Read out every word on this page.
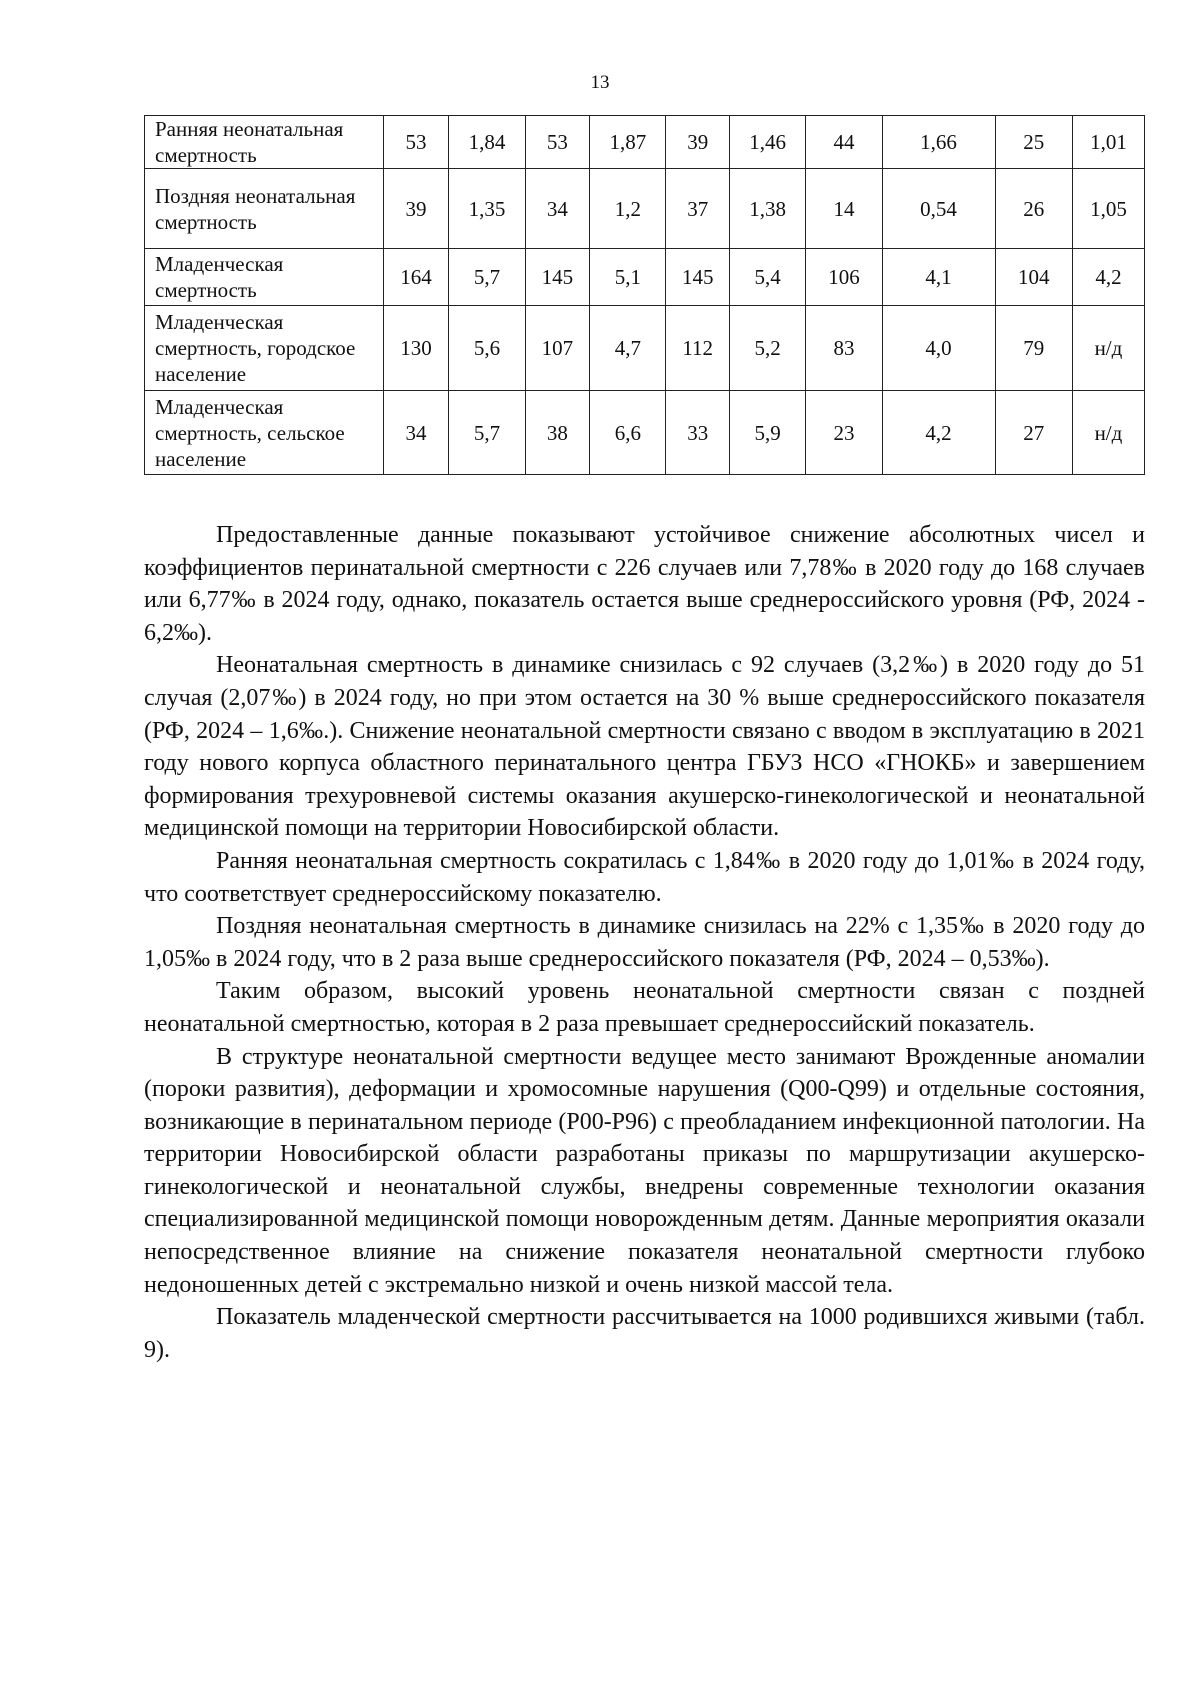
13
Ранняя неонатальная смертность	53	1,84	53	1,87	39	1,46	44	1,66	25	1,01
Поздняя неонатальная смертность	39	1,35	34	1,2	37	1,38	14	0,54	26	1,05
Младенческая смертность	164	5,7	145	5,1	145	5,4	106	4,1	104	4,2
Младенческая смертность, городское население	130	5,6	107	4,7	112	5,2	83	4,0	79	н/д
Младенческая смертность, сельское население	34	5,7	38	6,6	33	5,9	23	4,2	27	н/д

Предоставленные данные показывают устойчивое снижение абсолютных чисел и коэффициентов перинатальной смертности с 226 случаев или 7,78‰ в 2020 году до 168 случаев или 6,77‰ в 2024 году, однако, показатель остается выше среднероссийского уровня (РФ, 2024 - 6,2‰).

Неонатальная смертность в динамике снизилась с 92 случаев (3,2‰) в 2020 году до 51 случая (2,07‰) в 2024 году, но при этом остается на 30 % выше среднероссийского показателя (РФ, 2024 – 1,6‰.). Снижение неонатальной смертности связано с вводом в эксплуатацию в 2021 году нового корпуса областного перинатального центра ГБУЗ НСО «ГНОКБ» и завершением формирования трехуровневой системы оказания акушерско-гинекологической и неонатальной медицинской помощи на территории Новосибирской области.

Ранняя неонатальная смертность сократилась с 1,84‰ в 2020 году до 1,01‰ в 2024 году, что соответствует среднероссийскому показателю.

Поздняя неонатальная смертность в динамике снизилась на 22% с 1,35‰ в 2020 году до 1,05‰ в 2024 году, что в 2 раза выше среднероссийского показателя (РФ, 2024 – 0,53‰).

Таким образом, высокий уровень неонатальной смертности связан с поздней неонатальной смертностью, которая в 2 раза превышает среднероссийский показатель.

В структуре неонатальной смертности ведущее место занимают Врожденные аномалии (пороки развития), деформации и хромосомные нарушения (Q00-Q99) и отдельные состояния, возникающие в перинатальном периоде (P00-P96) с преобладанием инфекционной патологии. На территории Новосибирской области разработаны приказы по маршрутизации акушерско-гинекологической и неонатальной службы, внедрены современные технологии оказания специализированной медицинской помощи новорожденным детям. Данные мероприятия оказали непосредственное влияние на снижение показателя неонатальной смертности глубоко недоношенных детей с экстремально низкой и очень низкой массой тела.

Показатель младенческой смертности рассчитывается на 1000 родившихся живыми (табл. 9).
